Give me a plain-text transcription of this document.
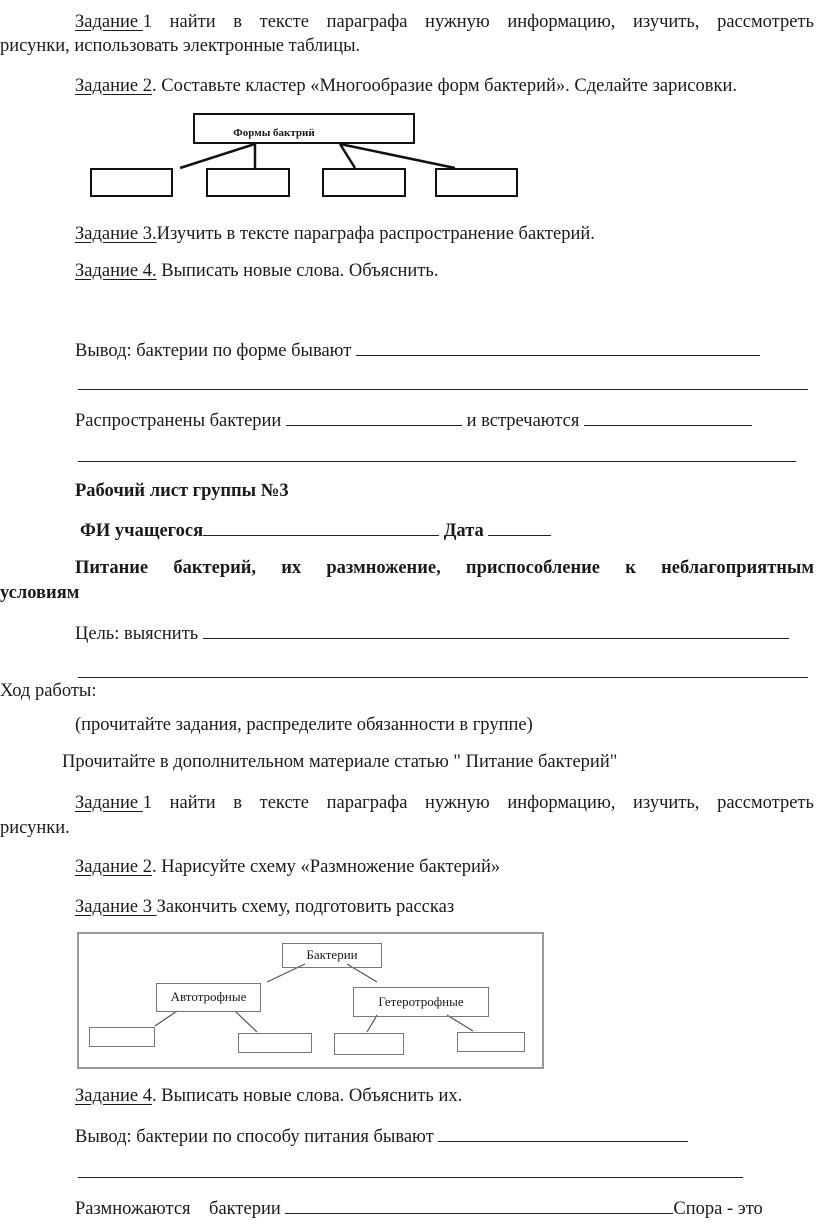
Задание 1 найти в тексте параграфа нужную информацию, изучить, рассмотреть
рисунки, использовать электронные таблицы.
Задание 2. Составьте кластер «Многообразие форм бактерий». Сделайте зарисовки.
$_{Формы бактрий}$
Задание 3.Изучить в тексте параграфа распространение бактерий.
Задание 4. Выписать новые слова. Объяснить.
Вывод: бактерии по форме бывают
Распространены бактерии	и встречаются
Рабочий лист группы №3
ФИ учащегося	Дата
Питание бактерий, их размножение, приспособление к неблагоприятным
условиям
Цель: выяснить
Ход работы:
(прочитайте задания, распределите обязанности в группе)
Прочитайте в дополнительном материале статью " Питание бактерий"
Задание 1 найти в тексте параграфа нужную информацию, изучить, рассмотреть
рисунки.
Задание 2. Нарисуйте схему «Размножение бактерий»
Задание 3 Закончить схему, подготовить рассказ
Бактерии
Автотрофные	Гетеротрофные
Задание 4. Выписать новые слова. Объяснить их.
Вывод: бактерии по способу питания бывают
Размножаются    бактерии	Спора - это
